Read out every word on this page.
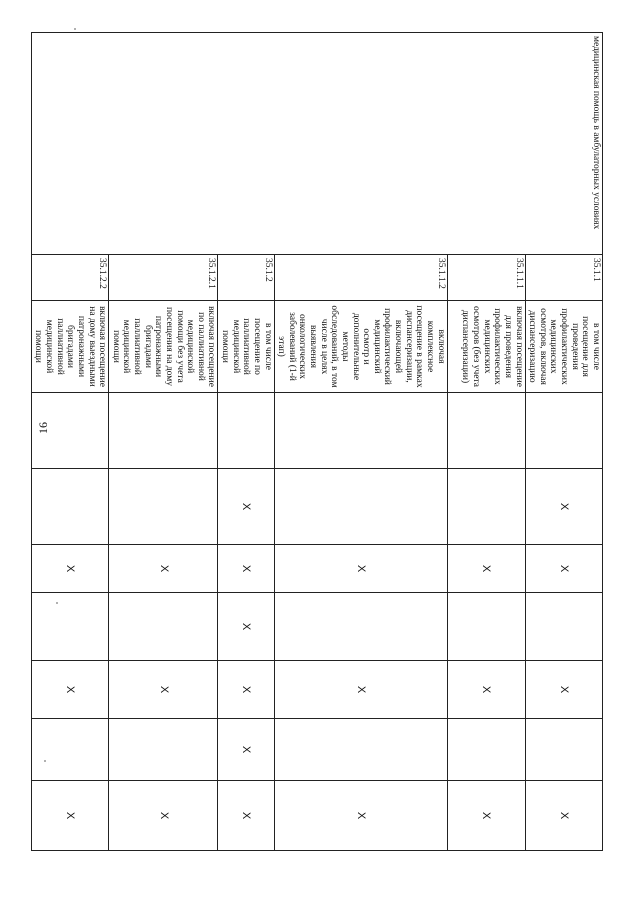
16
медицинская помощь в амбулаторных условиях	35.1.1	в том числе посещение для проведения профилактических медицинских осмотров, включая диспансеризацию		X	X		X		X
	35.1.1.1	включая посещение для проведения профилактических медицинских осмотров (без учета диспансеризации)			X		X		X
	35.1.1.2	включая комплексное посещение в рамках диспансеризации, включающей профилактический медицинский осмотр и дополнительные методы обследований, в том числе в целях выявления онкологических заболеваний (1-й этап)			X		X		X
	35.1.2	в том числе посещение по паллиативной медицинской помощи		X	X	X	X	X	X
	35.1.2.1	включая посещение по паллиативной медицинской помощи без учета посещения на дому патронажными бригадами паллиативной медицинской помощи			X		X		X
	35.1.2.2	включая посещение на дому выездными патронажными бригадами паллиативной медицинской помощи			X		X		X
